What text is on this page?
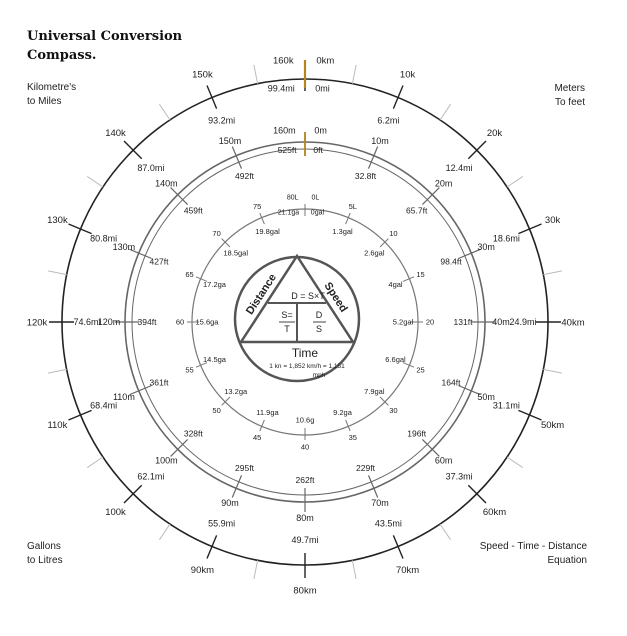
Universal Conversion
Compass.
Kilometre's
to Miles
Meters
To feet
Gallons
to Litres
Speed - Time - Distance
Equation
10k
6.2mi
20k
12.4mi
30k
18.6mi
40km
24.9mi
50km
31.1mi
60km
37.3mi
70km
43.5mi
80km
49.7mi
90km
55.9mi
100k
62.1mi
110k
68.4mi
120k	74.6mi
130k
80.8mi
140k
87.0mi
150k
93.2mi
0km
0mi
160k
99.4mi
10m
32.8ft
20m
65.7ft
30m
98.4ft
40m
131ft
50m
164ft
60m
196ft
70m
229ft
80m
262ft
90m
295ft
100m
328ft
110m
361ft
120m 394ft
130m
427ft
140m
459ft
150m
492ft
0m
0ft
160m
525ft
5L
1.3gal	10
2.6gal
15
4gal
20
5.2gal
25
6.6gal
30
7.9gal
35
9.2ga
40
10.6g
45
11.9ga
50
13.2ga
55
14.5ga
60 15.6ga
65
17.2ga
70
18.5gal
75
19.8gal
0L
0gal
80L
21.1ga
Distance	Speed
D = S×T
S=
T
D
S
Time
1 kn = 1,852 km/h = 1,151
mph
